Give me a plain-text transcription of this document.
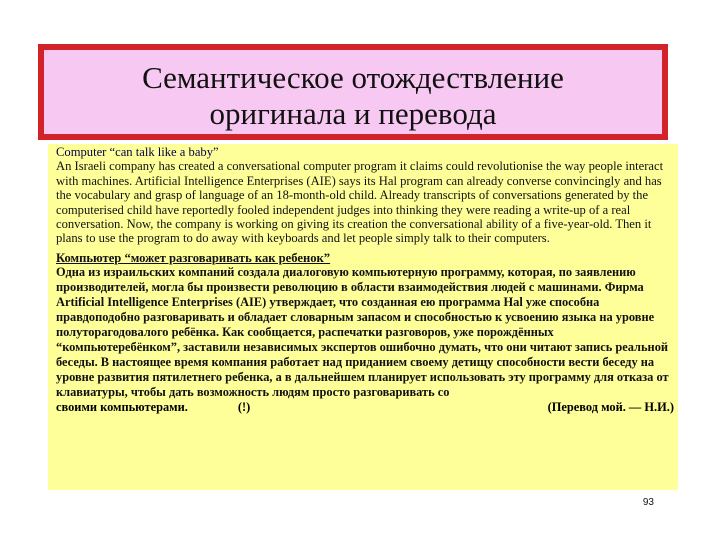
Семантическое отождествление
оригинала и перевода

Computer “can talk like a baby”

An Israeli company has created a conversational computer program it claims could revolutionise the way people interact with machines. Artificial Intelligence Enterprises (AIE) says its Hal program can already converse convincingly and has the vocabulary and grasp of language of an 18-month-old child. Already transcripts of conversations generated by the computerised child have reportedly fooled independent judges into thinking they were reading a write-up of a real conversation. Now, the company is working on giving its creation the conversational ability of a five-year-old. Then it plans to use the program to do away with keyboards and let people simply talk to their computers.

Компьютер “может разговаривать как ребенок”

Одна из израильских компаний создала диалоговую компьютерную программу, которая, по заявлению производителей, могла бы произвести революцию в области взаимодействия людей с машинами. Фирма Artificial Intelligence Enterprises (AIE) утверждает, что созданная ею программа Hal уже способна правдоподобно разговаривать и обладает словарным запасом и способностью к усвоению языка на уровне полуторагодовалого ребёнка. Как сообщается, распечатки разговоров, уже порождённых “компьютеребёнком”, заставили независимых экспертов ошибочно думать, что они читают запись реальной беседы. В настоящее время компания работает над приданием своему детищу способности вести беседу на уровне развития пятилетнего ребенка, а в дальнейшем планирует использовать эту программу для отказа от клавиатуры, чтобы дать возможность людям просто разговаривать со

своими компьютерами.	(!)	(Перевод мой. — Н.И.)
93
